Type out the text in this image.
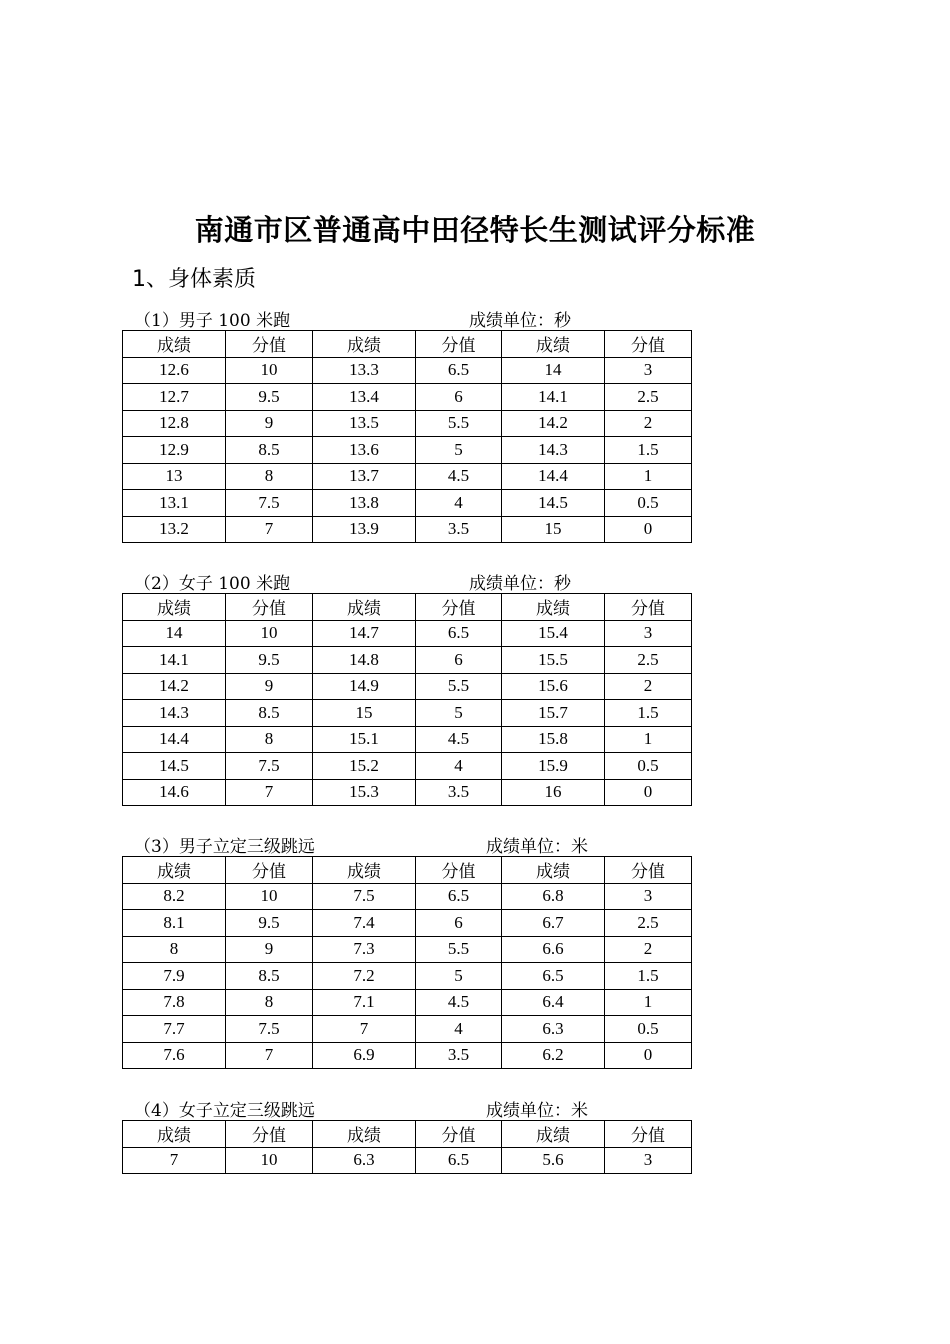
南通市区普通高中田径特长生测试评分标准
1、身体素质
（1）男子 100 米跑	成绩单位：秒
成绩	分值	成绩	分值	成绩	分值
12.6	10	13.3	6.5	14	3
12.7	9.5	13.4	6	14.1	2.5
12.8	9	13.5	5.5	14.2	2
12.9	8.5	13.6	5	14.3	1.5
13	8	13.7	4.5	14.4	1
13.1	7.5	13.8	4	14.5	0.5
13.2	7	13.9	3.5	15	0
（2）女子 100 米跑	成绩单位：秒
成绩	分值	成绩	分值	成绩	分值
14	10	14.7	6.5	15.4	3
14.1	9.5	14.8	6	15.5	2.5
14.2	9	14.9	5.5	15.6	2
14.3	8.5	15	5	15.7	1.5
14.4	8	15.1	4.5	15.8	1
14.5	7.5	15.2	4	15.9	0.5
14.6	7	15.3	3.5	16	0
（3）男子立定三级跳远	成绩单位：米
成绩	分值	成绩	分值	成绩	分值
8.2	10	7.5	6.5	6.8	3
8.1	9.5	7.4	6	6.7	2.5
8	9	7.3	5.5	6.6	2
7.9	8.5	7.2	5	6.5	1.5
7.8	8	7.1	4.5	6.4	1
7.7	7.5	7	4	6.3	0.5
7.6	7	6.9	3.5	6.2	0
（4）女子立定三级跳远	成绩单位：米
成绩	分值	成绩	分值	成绩	分值
7	10	6.3	6.5	5.6	3
